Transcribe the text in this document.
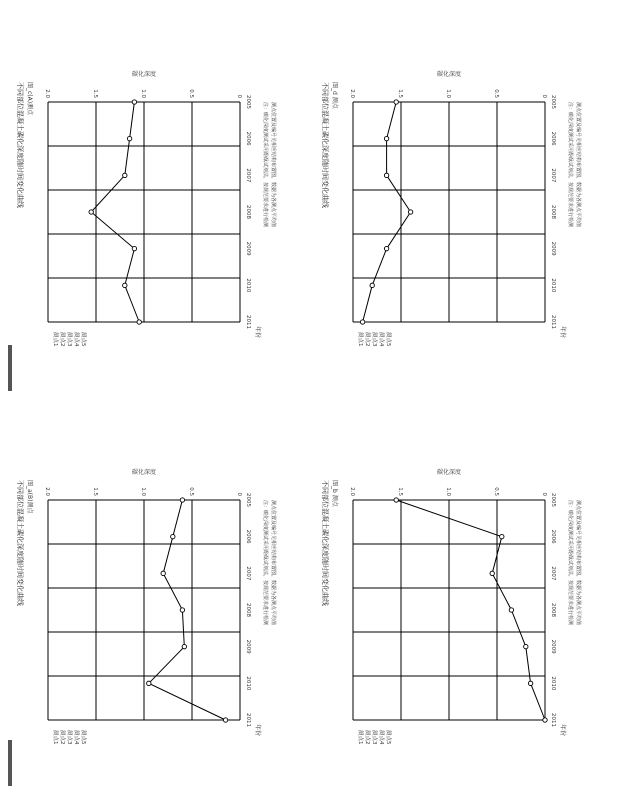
0
0.5
1.0
1.5
2.0
2005
2006
2007
2008
2009
2010
2011
碳化深度
年份
不同部位混凝土碳化深度随时间变化曲线 图_a(B)测点
测点1 测点2 测点3 测点4 测点5
注：碳化深度测试采用酚酞试剂法，按规范要求进行检测 测点位置及编号见相应结构布置图，数据为各测点平均值
0
0.5
1.0
1.5
2.0
2005
2006
2007
2008
2009
2010
2011
碳化深度
年份
不同部位混凝土碳化深度随时间变化曲线 图_b 测点
测点1 测点2 测点3 测点4 测点5
注：碳化深度测试采用酚酞试剂法，按规范要求进行检测 测点位置及编号见相应结构布置图，数据为各测点平均值
0
0.5
1.0
1.5
2.0
2005
2006
2007
2008
2009
2010
2011
碳化深度
年份
不同部位混凝土碳化深度随时间变化曲线 图_c(A)测点
测点1 测点2 测点3 测点4 测点5
注：碳化深度测试采用酚酞试剂法，按规范要求进行检测 测点位置及编号见相应结构布置图，数据为各测点平均值
0
0.5
1.0
1.5
2.0
2005
2006
2007
2008
2009
2010
2011
碳化深度
年份
不同部位混凝土碳化深度随时间变化曲线 图_d 测点
测点1 测点2 测点3 测点4 测点5
注：碳化深度测试采用酚酞试剂法，按规范要求进行检测 测点位置及编号见相应结构布置图，数据为各测点平均值
